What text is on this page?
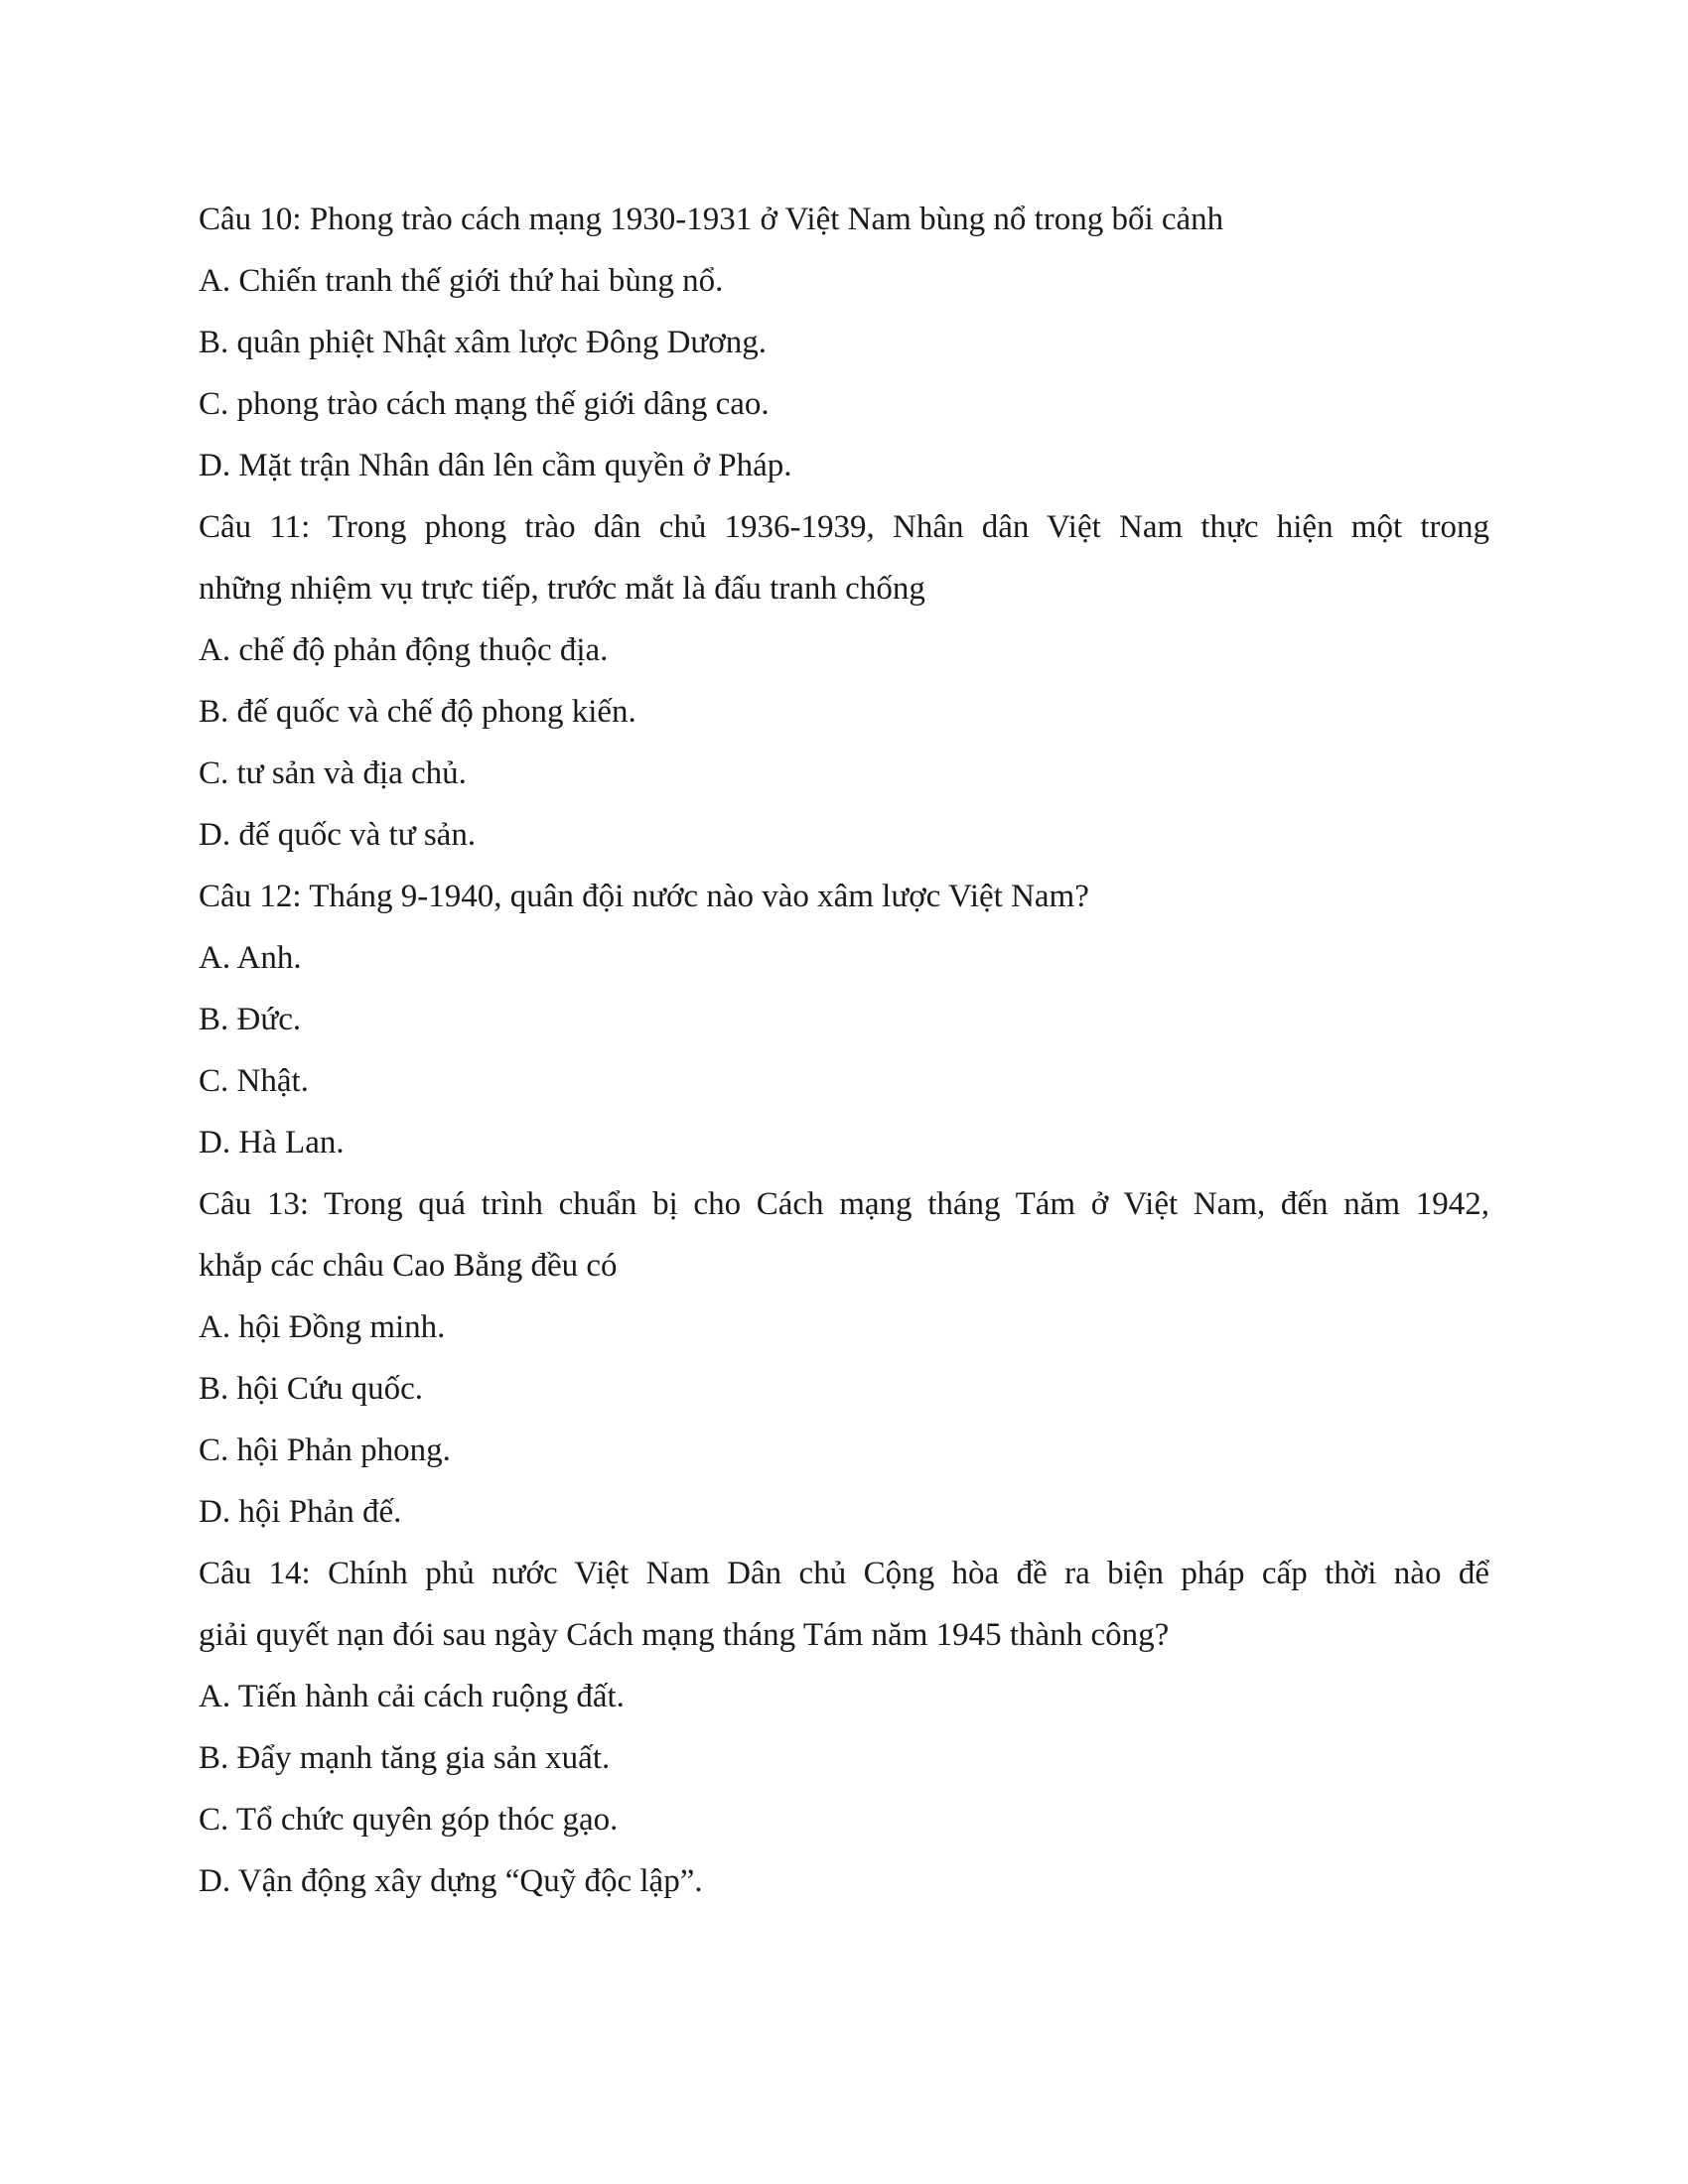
Câu 10: Phong trào cách mạng 1930-1931 ở Việt Nam bùng nổ trong bối cảnh
A. Chiến tranh thế giới thứ hai bùng nổ.
B. quân phiệt Nhật xâm lược Đông Dương.
C. phong trào cách mạng thế giới dâng cao.
D. Mặt trận Nhân dân lên cầm quyền ở Pháp.
Câu 11: Trong phong trào dân chủ 1936-1939, Nhân dân Việt Nam thực hiện một trong
những nhiệm vụ trực tiếp, trước mắt là đấu tranh chống
A. chế độ phản động thuộc địa.
B. đế quốc và chế độ phong kiến.
C. tư sản và địa chủ.
D. đế quốc và tư sản.
Câu 12: Tháng 9-1940, quân đội nước nào vào xâm lược Việt Nam?
A. Anh.
B. Đức.
C. Nhật.
D. Hà Lan.
Câu 13: Trong quá trình chuẩn bị cho Cách mạng tháng Tám ở Việt Nam, đến năm 1942,
khắp các châu Cao Bằng đều có
A. hội Đồng minh.
B. hội Cứu quốc.
C. hội Phản phong.
D. hội Phản đế.
Câu 14: Chính phủ nước Việt Nam Dân chủ Cộng hòa đề ra biện pháp cấp thời nào để
giải quyết nạn đói sau ngày Cách mạng tháng Tám năm 1945 thành công?
A. Tiến hành cải cách ruộng đất.
B. Đẩy mạnh tăng gia sản xuất.
C. Tổ chức quyên góp thóc gạo.
D. Vận động xây dựng “Quỹ độc lập”.
